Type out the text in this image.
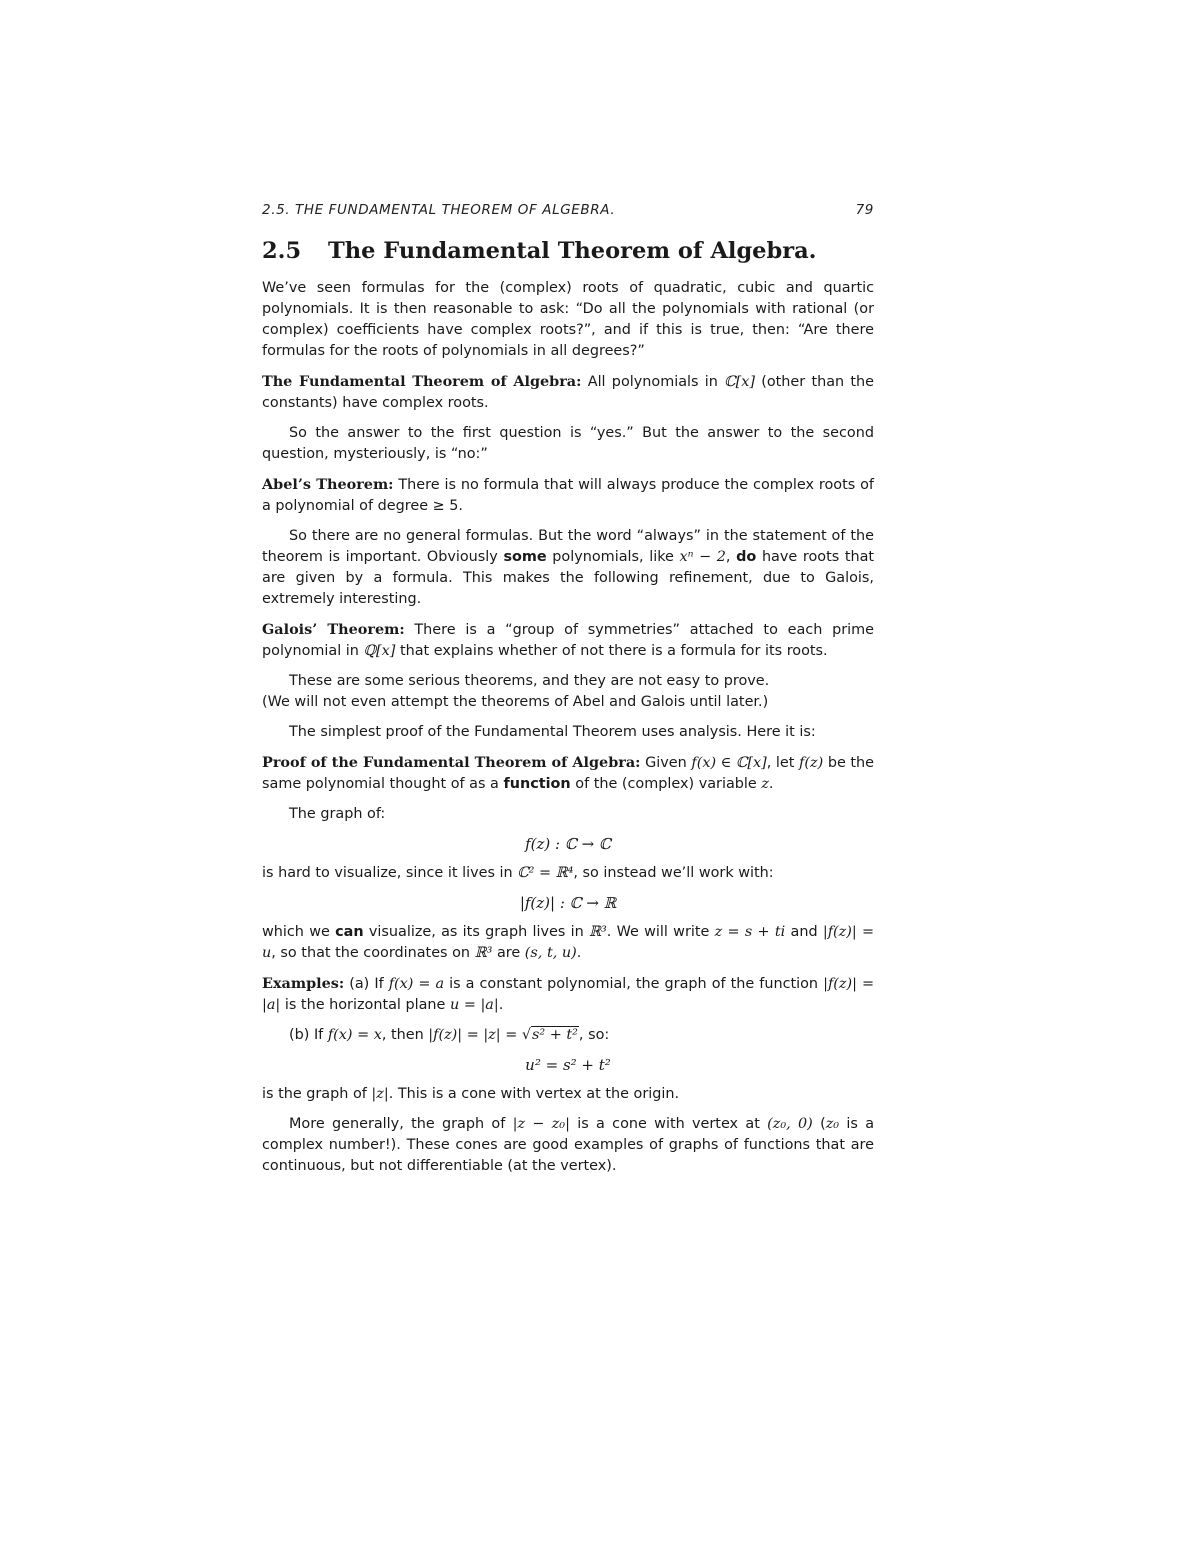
2.5. THE FUNDAMENTAL THEOREM OF ALGEBRA.	79
2.5 The Fundamental Theorem of Algebra.

We’ve seen formulas for the (complex) roots of quadratic, cubic and quartic polynomials. It is then reasonable to ask: “Do all the polynomials with rational (or complex) coefficients have complex roots?”, and if this is true, then: “Are there formulas for the roots of polynomials in all degrees?”

The Fundamental Theorem of Algebra: All polynomials in ℂ[x] (other than the constants) have complex roots.

So the answer to the first question is “yes.” But the answer to the second question, mysteriously, is “no:”

Abel’s Theorem: There is no formula that will always produce the complex roots of a polynomial of degree ≥ 5.

So there are no general formulas. But the word “always” in the statement of the theorem is important. Obviously some polynomials, like xⁿ − 2, do have roots that are given by a formula. This makes the following refinement, due to Galois, extremely interesting.

Galois’ Theorem: There is a “group of symmetries” attached to each prime polynomial in ℚ[x] that explains whether of not there is a formula for its roots.

These are some serious theorems, and they are not easy to prove.

(We will not even attempt the theorems of Abel and Galois until later.)

The simplest proof of the Fundamental Theorem uses analysis. Here it is:

Proof of the Fundamental Theorem of Algebra: Given f(x) ∈ ℂ[x], let f(z) be the same polynomial thought of as a function of the (complex) variable z.

The graph of:

f(z) : ℂ → ℂ

is hard to visualize, since it lives in ℂ² = ℝ⁴, so instead we’ll work with:

|f(z)| : ℂ → ℝ

which we can visualize, as its graph lives in ℝ³. We will write z = s + ti and |f(z)| = u, so that the coordinates on ℝ³ are (s, t, u).

Examples: (a) If f(x) = a is a constant polynomial, the graph of the function |f(z)| = |a| is the horizontal plane u = |a|.

(b) If f(x) = x, then |f(z)| = |z| = √s² + t², so:

u² = s² + t²

is the graph of |z|. This is a cone with vertex at the origin.

More generally, the graph of |z − z₀| is a cone with vertex at (z₀, 0) (z₀ is a complex number!). These cones are good examples of graphs of functions that are continuous, but not differentiable (at the vertex).
